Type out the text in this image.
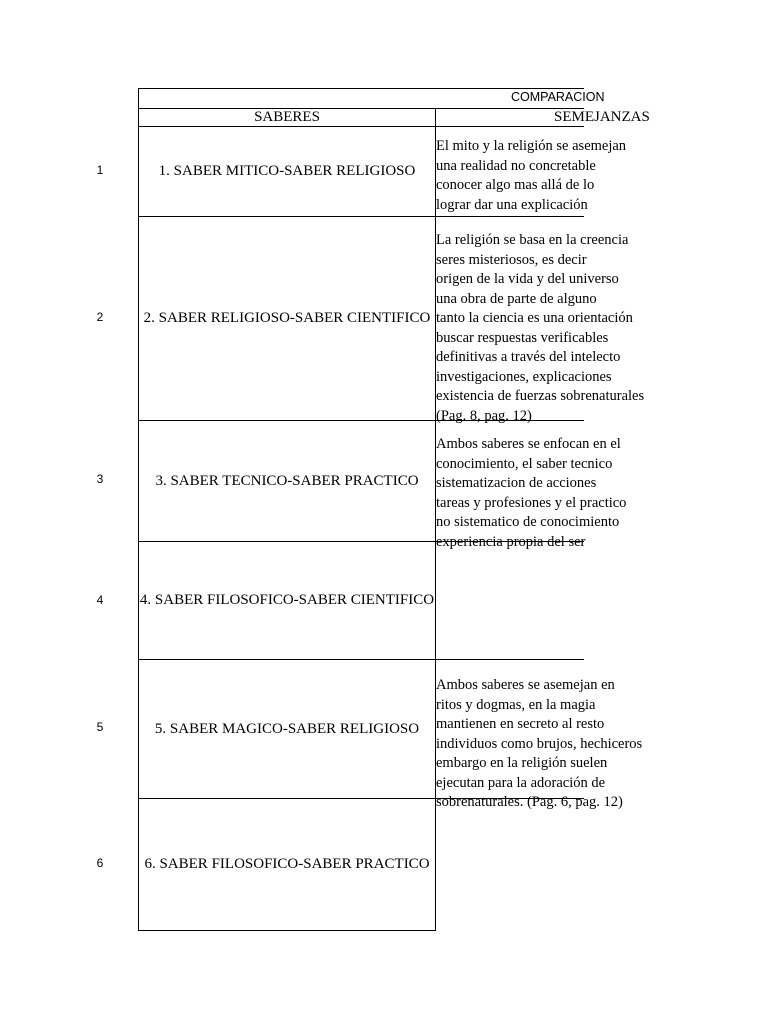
COMPARACION
SABERES	SEMEJANZAS
1	1. SABER MITICO-SABER RELIGIOSO
El mito y la religión se asemejan
una realidad no concretable
conocer algo mas allá de lo
lograr dar una explicación
2	2. SABER RELIGIOSO-SABER CIENTIFICO
La religión se basa en la creencia
seres misteriosos, es decir
origen de la vida y del universo
una obra de parte de alguno
tanto la ciencia es una orientación
buscar respuestas verificables
definitivas a través del intelecto
investigaciones, explicaciones
existencia de fuerzas sobrenaturales
(Pag. 8, pag. 12)
3	3. SABER TECNICO-SABER PRACTICO
Ambos saberes se enfocan en el
conocimiento, el saber tecnico
sistematizacion de acciones
tareas y profesiones y el practico
no sistematico de conocimiento
experiencia propia del ser
4	4. SABER FILOSOFICO-SABER CIENTIFICO
5	5. SABER MAGICO-SABER RELIGIOSO
Ambos saberes se asemejan en
ritos y dogmas, en la magia
mantienen en secreto al resto
individuos como brujos, hechiceros
embargo en la religión suelen
ejecutan para la adoración de
sobrenaturales. (Pag. 6, pag. 12)
6	6. SABER FILOSOFICO-SABER PRACTICO
